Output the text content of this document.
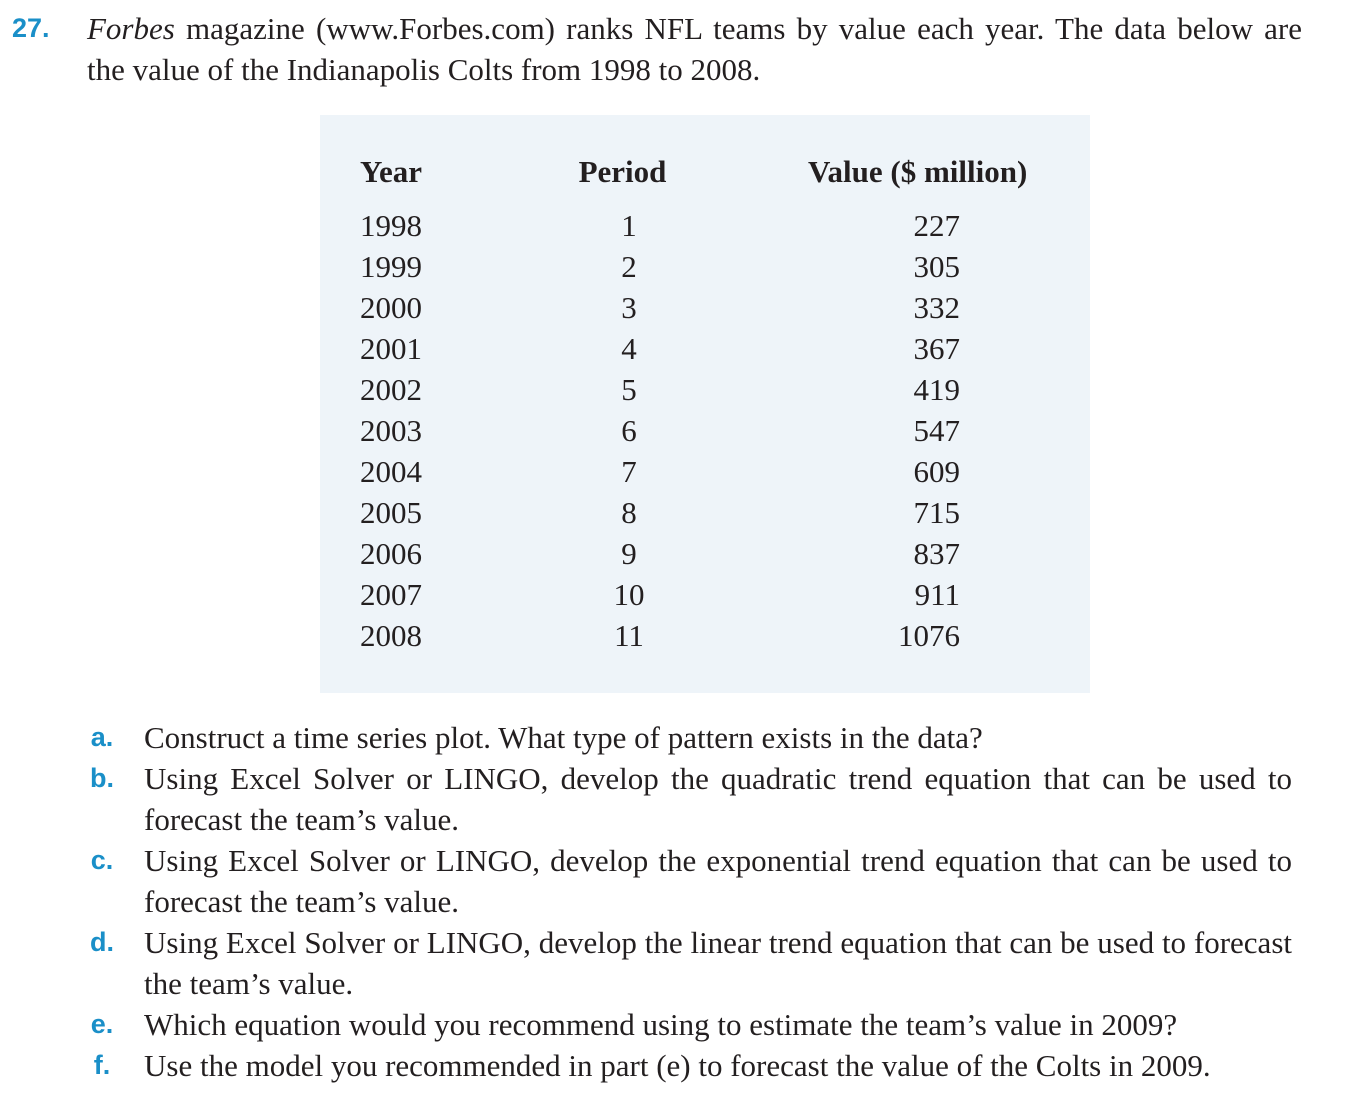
27. Forbes magazine (www.Forbes.com) ranks NFL teams by value each year. The data below are the value of the Indianapolis Colts from 1998 to 2008.
Year	Period	Value ($ million)
1998	1	227
1999	2	305
2000	3	332
2001	4	367
2002	5	419
2003	6	547
2004	7	609
2005	8	715
2006	9	837
2007	10	911
2008	11	1076
a. Construct a time series plot. What type of pattern exists in the data?
b. Using Excel Solver or LINGO, develop the quadratic trend equation that can be used to forecast the team’s value.
c. Using Excel Solver or LINGO, develop the exponential trend equation that can be used to forecast the team’s value.
d. Using Excel Solver or LINGO, develop the linear trend equation that can be used to forecast the team’s value.
e. Which equation would you recommend using to estimate the team’s value in 2009?
f.	Use the model you recommended in part (e) to forecast the value of the Colts in 2009.
